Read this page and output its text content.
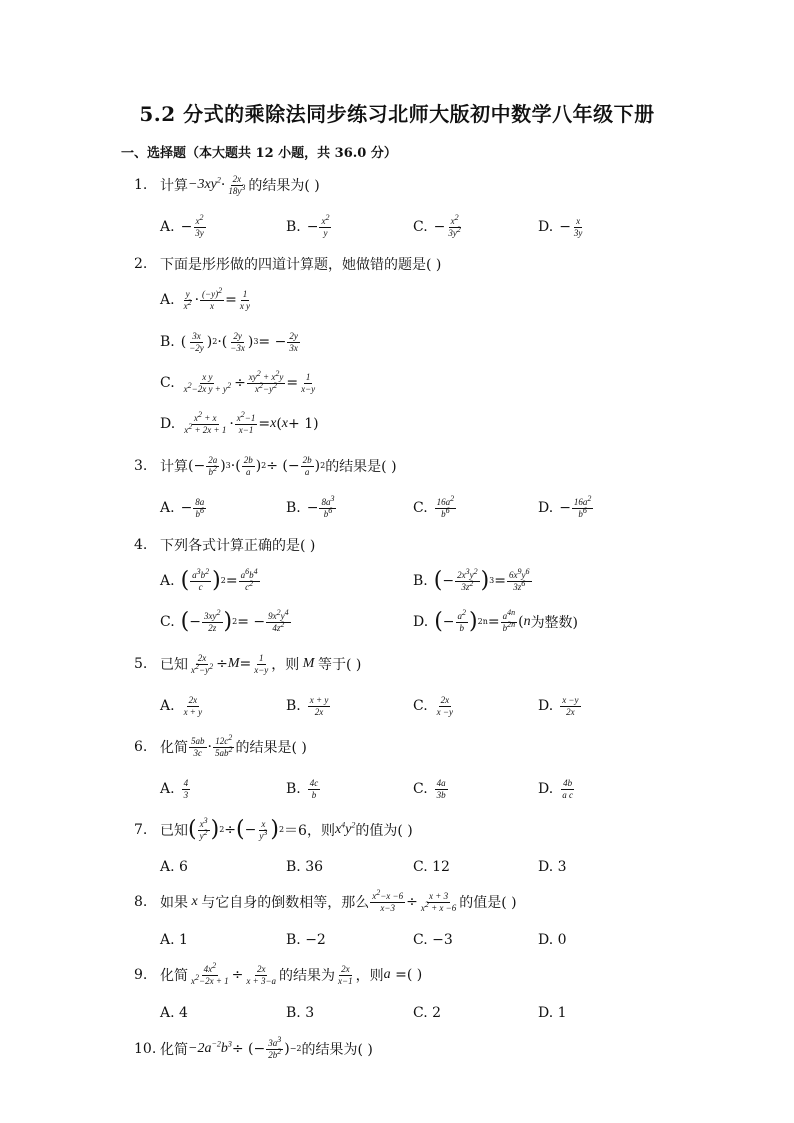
5.2 分式的乘除法同步练习北师大版初中数学八年级下册
一、选择题（本大题共 12 小题，共 36.0 分）
1. 计算 $-3xy^2 \cdot \frac{2x}{18y^3}$ 的结果为( )
A. − $\frac{x^2}{3y}$	B. − $\frac{x^2}{y}$	C. − $\frac{x^2}{3y^2}$	D. − $\frac{x}{3y}$
2. 下面是彤彤做的四道计算题，她做错的题是( )
A. $\frac{y}{x^2} \cdot \frac{(-y)^2}{x} = \frac{1}{\text{x y}}$
B. ( $\frac{3x}{-2y}$ ) 2 ·( $\frac{2y}{-3x}$ ) 3 = − $\frac{2y}{3x}$
C. $\frac{\text{x y}}{x^2-2x y + y^2} \div \frac{xy^2 + x^2y}{x^2-y^2} = \frac{1}{x-y}$
D. $\frac{x^2 + x}{x^2 + 2x + 1} \cdot \frac{x^2-1}{x-1} = x$ ( x + 1)
3. 计算 (− $\frac{2a}{b^2}$ ) 3 ·( $\frac{2b}{a}$ ) 2 ÷ (− $\frac{2b}{a}$ ) 2 的结果是( )
A. − $\frac{8a}{b^6}$	B. − $\frac{8a^3}{b^6}$	C. $\frac{16a^2}{b^6}$	D. − $\frac{16a^2}{b^6}$
4. 下列各式计算正确的是( )
A. ( $\frac{a^3b^2}{c}$ ) $2 = \frac{a^6b^4}{c^2}$	B. ( − $\frac{2x^3y^2}{3z^2}$ ) $3 = \frac{6x^9y^6}{3z^6}$
C. ( − $\frac{3xy^2}{2z}$ ) 2 = − $\frac{9x^2y^4}{4z^2}$	D. ( − $\frac{a^2}{b}$ ) $2n = \frac{a^{4n}}{b^{2n}}$ ( n 为整数)
5. 已知 $\frac{2x}{x^2-y^2} \div M = \frac{1}{x-y}$ ，则 M 等于( )
A. $\frac{2x}{x + y}$	B. $\frac{x + y}{2x}$	C. $\frac{2x}{x -y}$	D. $\frac{x -y}{2x}$
6. 化简 $\frac{5ab}{3c} \cdot \frac{12c^2}{5ab^2}$ 的结果是( )
A. $\frac{4}{3}$	B. $\frac{4c}{b}$	C. $\frac{4a}{3b}$	D. $\frac{4b}{\text{a c}}$
7. 已知 ( $\frac{x^3}{y^2}$ ) 2 ÷ ( − $\frac{x}{y^3}$ ) 2 ＝6，则 $x^4y^2$ 的值为( )
A. 6	B. 36	C. 12	D. 3
8. 如果 x 与它自身的倒数相等，那么 $\frac{x^2-x -6}{x-3} \div \frac{x + 3}{x^2 + x -6}$ 的值是( )
A. 1	B. −2	C. −3	D. 0
9. 化简 $\frac{4x^2}{x^2-2x + 1} \div \frac{2x}{x + 3-a}$ 的结果为 $\frac{2x}{x-1}$ ，则 a = ( )
A. 4	B. 3	C. 2	D. 1
10. 化简 $-2a^{-2}b^3$ ÷ (− $\frac{3a^3}{2b^2}$ ) −2 的结果为( )
